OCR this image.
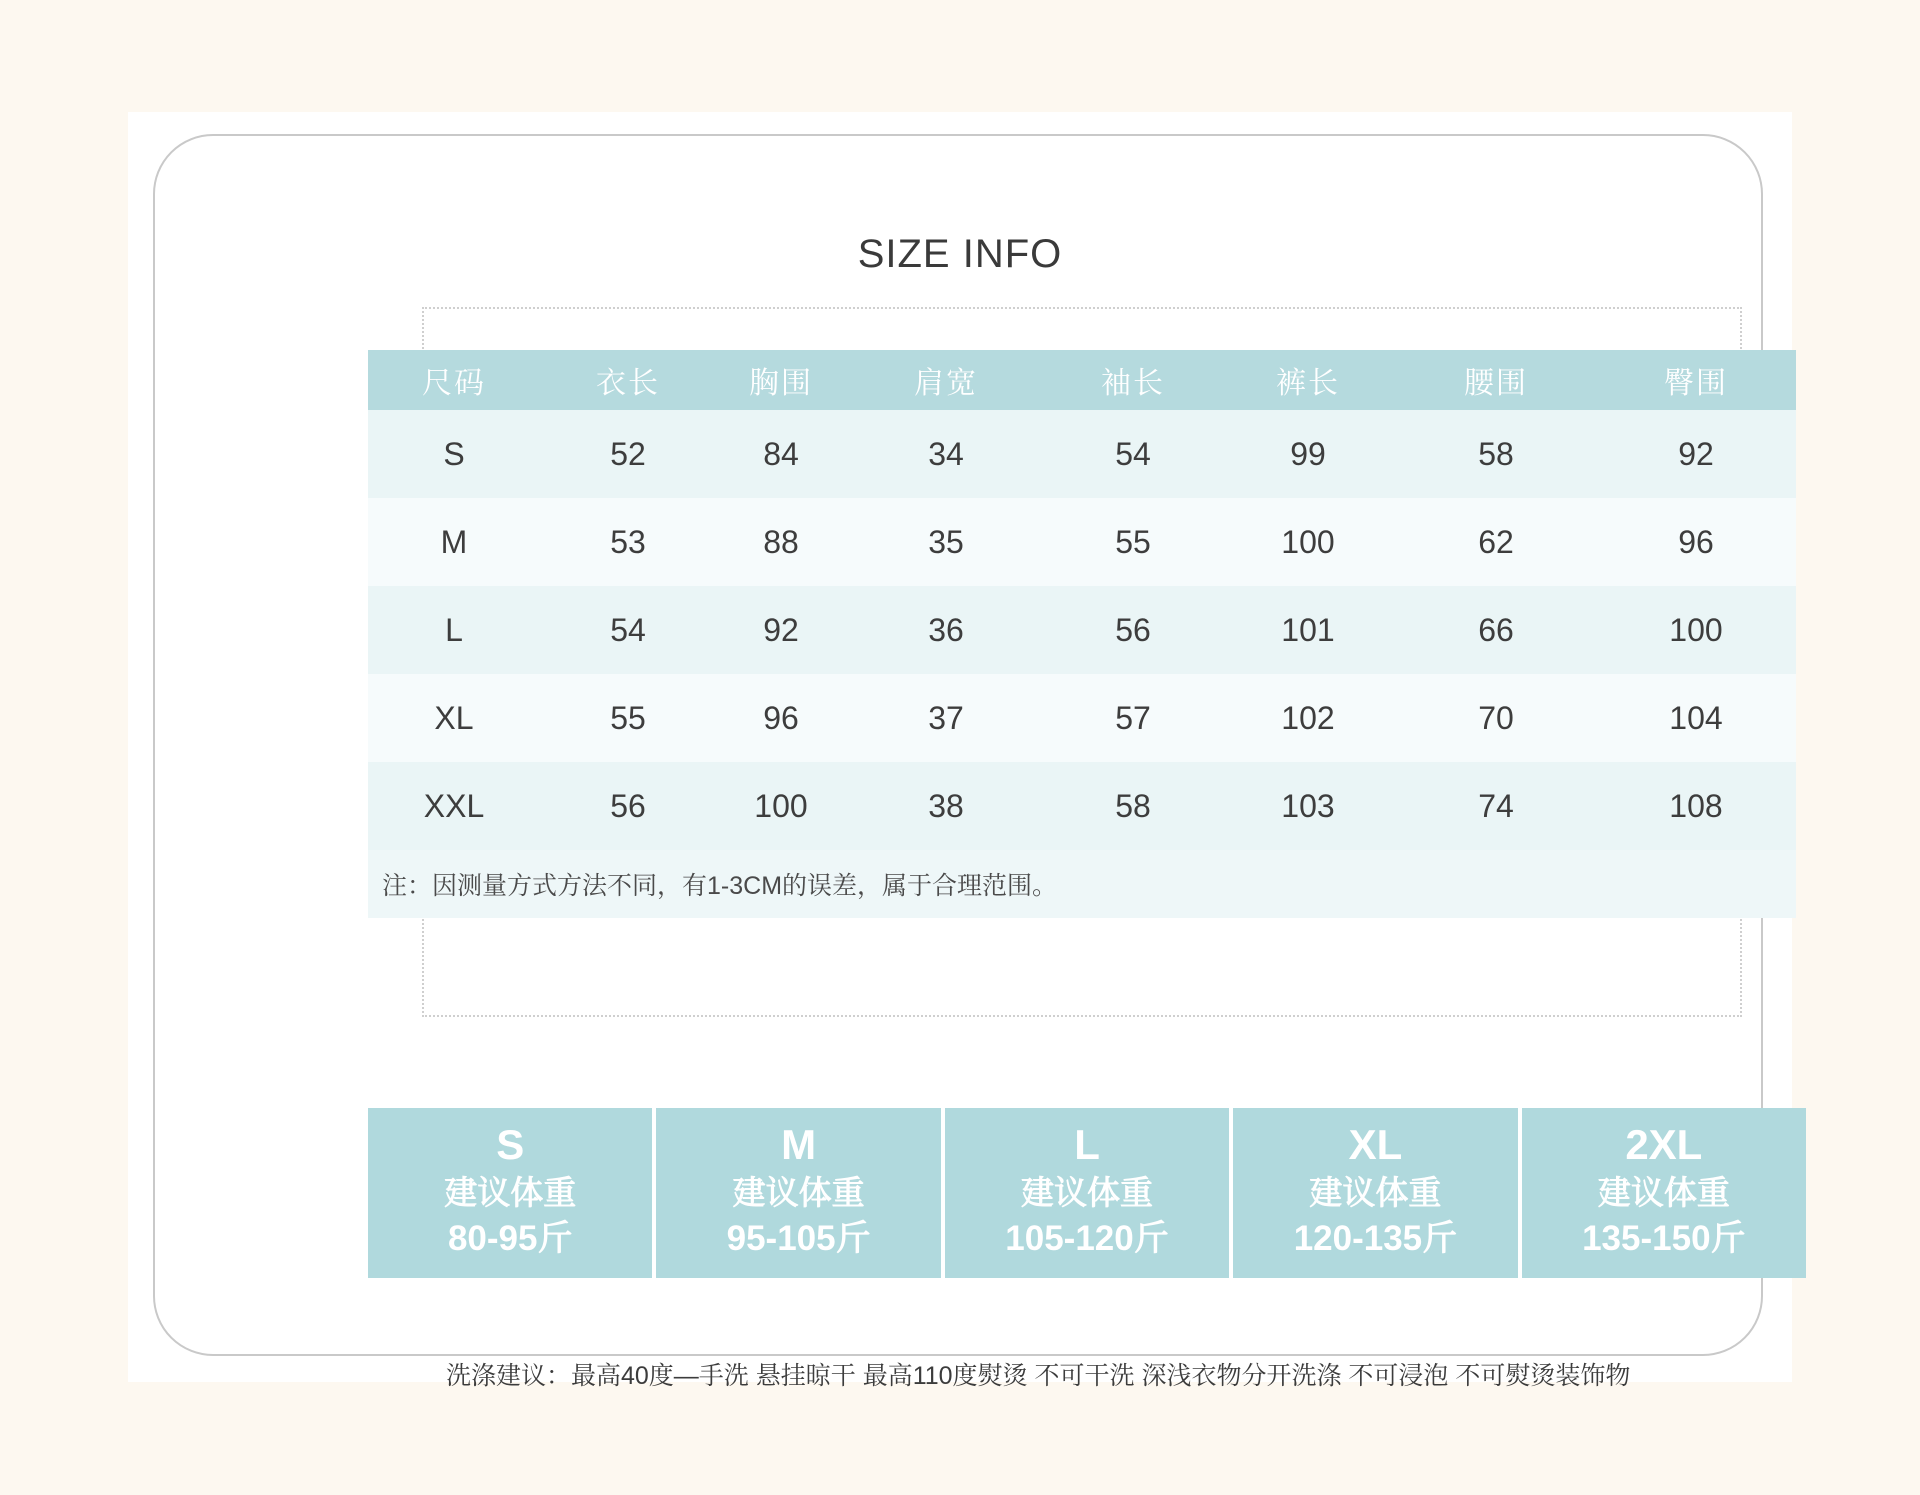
SIZE INFO
尺码	衣长	胸围	肩宽	袖长	裤长	腰围	臀围
S	52	84	34	54	99	58	92
M	53	88	35	55	100	62	96
L	54	92	36	56	101	66	100
XL	55	96	37	57	102	70	104
XXL	56	100	38	58	103	74	108
注：因测量方式方法不同，有1-3CM的误差，属于合理范围。							
S
建议体重
80-95斤
M
建议体重
95-105斤
L
建议体重
105-120斤
XL
建议体重
120-135斤
2XL
建议体重
135-150斤
洗涤建议：最高40度—手洗 悬挂晾干 最高110度熨烫 不可干洗 深浅衣物分开洗涤 不可浸泡 不可熨烫装饰物
